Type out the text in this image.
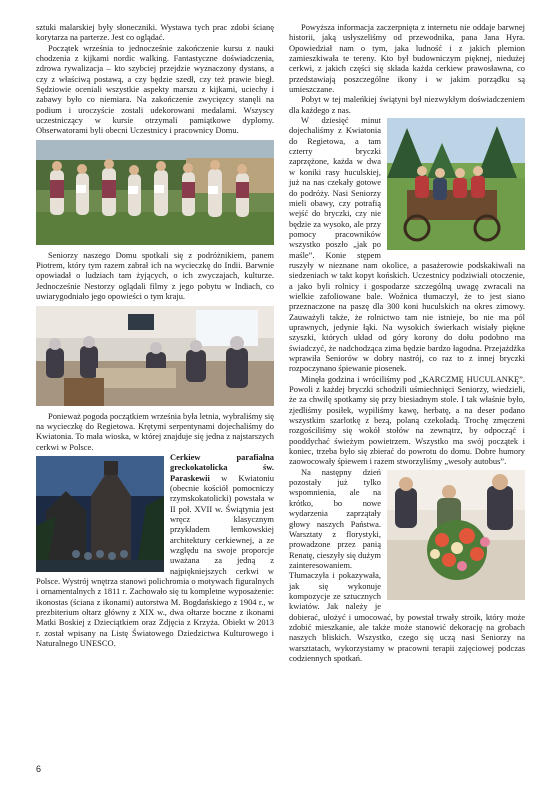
sztuki malarskiej były słoneczniki. Wystawa tych prac zdobi ścianę korytarza na parterze. Jest co oglądać.

Początek września to jednocześnie zakończenie kursu z nauki chodzenia z kijkami nordic walking. Fantastyczne doświadczenia, zdrowa rywalizacja – kto szybciej przejdzie wyznaczony dystans, a czy z właściwą postawą, a czy będzie szedł, czy też prawie biegł. Sędziowie oceniali wszystkie aspekty marszu z kijkami, uciechy i zabawy było co niemiara. Na zakończenie zwycięzcy stanęli na podium i uroczyście zostali udekorowani medalami. Wszyscy uczestniczący w kursie otrzymali pamiątkowe dyplomy. Obserwatorami byli obecni Uczestnicy i pracownicy Domu.

Seniorzy naszego Domu spotkali się z podróżnikiem, panem Piotrem, który tym razem zabrał ich na wycieczkę do Indii. Barwnie opowiadał o ludziach tam żyjących, o ich zwyczajach, kulturze. Jednocześnie Nestorzy oglądali filmy z jego pobytu w Indiach, co uwiarygodniało jego opowieści o tym kraju.

Ponieważ pogoda początkiem września była letnia, wybraliśmy się na wycieczkę do Regietowa. Krętymi serpentynami dojechaliśmy do Kwiatonia. To mała wioska, w której znajduje się jedna z najstarszych cerkwi w Polsce.

Cerkiew parafialna greckokatolicka św. Paraskewii w Kwiatoniu (obecnie kościół pomocniczy rzymskokatolicki) powstała w II poł. XVII w. Świątynia jest wręcz klasycznym przykładem łemkowskiej architektury cerkiewnej, a ze względu na swoje proporcje uważana za jedną z najpiękniejszych cerkwi w Polsce. Wystrój wnętrza stanowi polichromia o motywach figuralnych i ornamentalnych z 1811 r. Zachowało się tu kompletne wyposażenie: ikonostas (ściana z ikonami) autorstwa M. Bogdańskiego z 1904 r., w prezbiterium ołtarz główny z XIX w., dwa ołtarze boczne z ikonami Matki Boskiej z Dzieciątkiem oraz Zdjęcia z Krzyża. Obiekt w 2013 r. został wpisany na Listę Światowego Dziedzictwa Kulturowego i Naturalnego UNESCO.

Powyższa informacja zaczerpnięta z internetu nie oddaje barwnej historii, jaką usłyszeliśmy od przewodnika, pana Jana Hyra. Opowiedział nam o tym, jaka ludność i z jakich plemion zamieszkiwała te tereny. Kto był budowniczym pięknej, niedużej cerkwi, z jakich części się składa każda cerkiew prawosławna, co przedstawiają poszczególne ikony i w jakim porządku są umieszczane.

Pobyt w tej maleńkiej świątyni był niezwykłym doświadczeniem dla każdego z nas.

W dziesięć minut dojechaliśmy z Kwiatonia do Regietowa, a tam czterry bryczki zaprzężone, każda w dwa w koniki rasy huculskiej, już na nas czekały gotowe do podróży. Nasi Seniorzy mieli obawy, czy potrafią wejść do bryczki, czy nie będzie za wysoko, ale przy pomocy pracowników wszystko poszło „jak po maśle”. Konie stępem ruszyły w nieznane nam okolice, a pasażerowie podskakiwali na siedzeniach w takt kopyt końskich. Uczestnicy podziwiali otoczenie, a jako byli rolnicy i gospodarze szczególną uwagę zwracali na wielkie zafoliowane bale. Woźnica tłumaczył, że to jest siano przeznaczone na paszę dla 300 koni huculskich na okres zimowy. Zauważyli także, że rolnictwo tam nie istnieje, bo nie ma pól uprawnych, jedynie łąki. Na wysokich świerkach wisiały piękne szyszki, których układ od góry korony do dołu podobno ma świadczyć, że nadchodząca zima będzie bardzo łagodna. Przejażdżka wprawiła Seniorów w dobry nastrój, co raz to z innej bryczki rozpoczynano śpiewanie piosenek.

Minęła godzina i wróciliśmy pod „KARCZMĘ HUCULANKĘ”. Powoli z każdej bryczki schodzili uśmiechnięci Seniorzy, wiedzieli, że za chwilę spotkamy się przy biesiadnym stole. I tak właśnie było, zjedliśmy posiłek, wypiliśmy kawę, herbatę, a na deser podano wszystkim szarlotkę z bezą, polaną czekoladą. Trochę zmęczeni rozgościliśmy się wokół stołów na zewnątrz, by odpocząć i pooddychać świeżym powietrzem. Wszystko ma swój początek i koniec, trzeba było się zbierać do powrotu do domu. Dobre humory zaowocowały śpiewem i razem stworzyliśmy „wesoły autobus”.

Na następny dzień pozostały już tylko wspomnienia, ale na krótko, bo nowe wydarzenia zaprzątały głowy naszych Państwa. Warsztaty z florystyki, prowadzone przez panią Renatę, cieszyły się dużym zainteresowaniem. Tłumaczyła i pokazywała, jak się wykonuje kompozycje ze sztucznych kwiatów. Jak należy je dobierać, ułożyć i umocować, by powstał trwały stroik, który może zdobić mieszkanie, ale także może stanowić dekorację na grobach naszych bliskich. Wszystko, czego się uczą nasi Seniorzy na warsztatach, wykorzystamy w pracowni terapii zajęciowej podczas codziennych spotkań.

6
